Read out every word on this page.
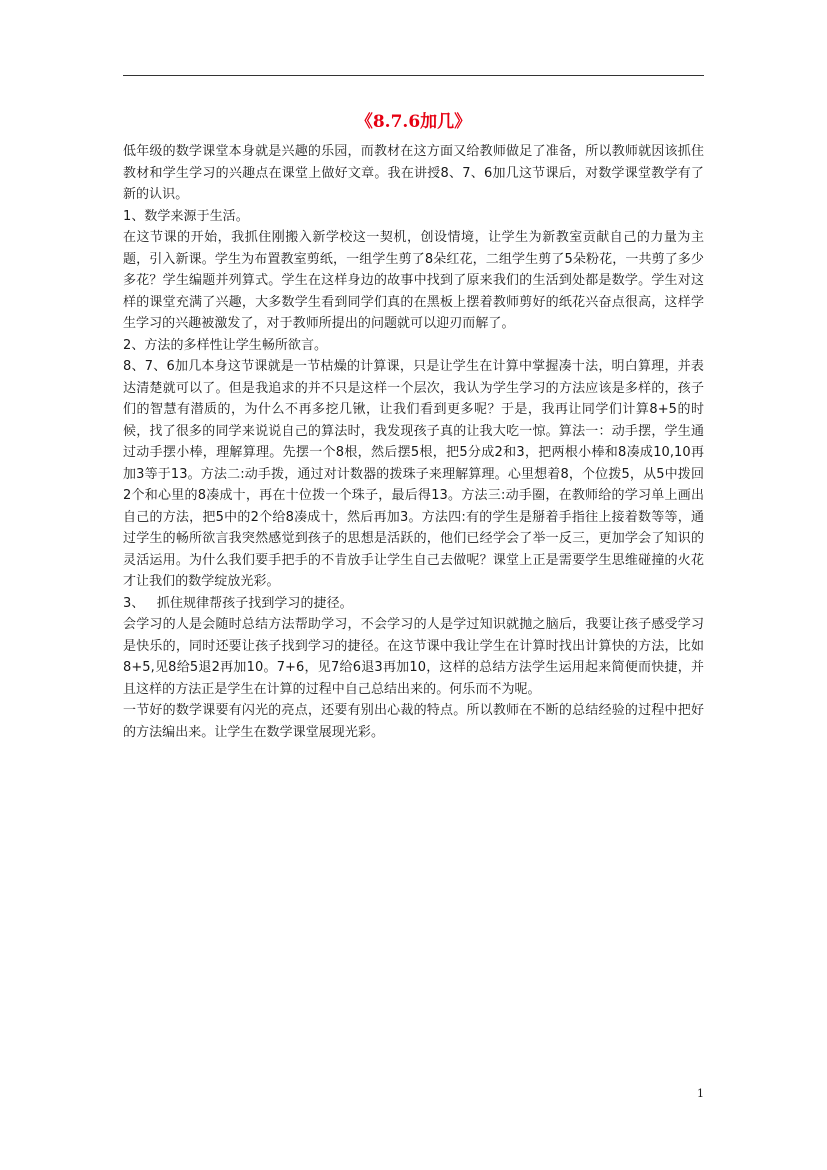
《8.7.6加几》

低年级的数学课堂本身就是兴趣的乐园，而教材在这方面又给教师做足了准备，所以教师就因该抓住教材和学生学习的兴趣点在课堂上做好文章。我在讲授8、7、6加几这节课后，对数学课堂教学有了新的认识。

1、数学来源于生活。

在这节课的开始，我抓住刚搬入新学校这一契机，创设情境，让学生为新教室贡献自己的力量为主题，引入新课。学生为布置教室剪纸，一组学生剪了8朵红花，二组学生剪了5朵粉花，一共剪了多少多花？学生编题并列算式。学生在这样身边的故事中找到了原来我们的生活到处都是数学。学生对这样的课堂充满了兴趣，大多数学生看到同学们真的在黑板上摆着教师剪好的纸花兴奋点很高，这样学生学习的兴趣被激发了，对于教师所提出的问题就可以迎刃而解了。

2、方法的多样性让学生畅所欲言。

8、7、6加几本身这节课就是一节枯燥的计算课，只是让学生在计算中掌握凑十法，明白算理，并表达清楚就可以了。但是我追求的并不只是这样一个层次，我认为学生学习的方法应该是多样的，孩子们的智慧有潜质的，为什么不再多挖几锹，让我们看到更多呢？于是，我再让同学们计算8+5的时候，找了很多的同学来说说自己的算法时，我发现孩子真的让我大吃一惊。算法一：动手摆，学生通过动手摆小棒，理解算理。先摆一个8根，然后摆5根，把5分成2和3，把两根小棒和8凑成10,10再加3等于13。方法二:动手拨，通过对计数器的拨珠子来理解算理。心里想着8，个位拨5，从5中拨回2个和心里的8凑成十，再在十位拨一个珠子，最后得13。方法三:动手圈，在教师给的学习单上画出自己的方法，把5中的2个给8凑成十，然后再加3。方法四:有的学生是掰着手指往上接着数等等，通过学生的畅所欲言我突然感觉到孩子的思想是活跃的，他们已经学会了举一反三，更加学会了知识的灵活运用。为什么我们要手把手的不肯放手让学生自己去做呢？课堂上正是需要学生思维碰撞的火花才让我们的数学绽放光彩。

3、   抓住规律帮孩子找到学习的捷径。

会学习的人是会随时总结方法帮助学习，不会学习的人是学过知识就抛之脑后，我要让孩子感受学习是快乐的，同时还要让孩子找到学习的捷径。在这节课中我让学生在计算时找出计算快的方法，比如8+5,见8给5退2再加10。7+6，见7给6退3再加10，这样的总结方法学生运用起来简便而快捷，并且这样的方法正是学生在计算的过程中自己总结出来的。何乐而不为呢。

一节好的数学课要有闪光的亮点，还要有别出心裁的特点。所以教师在不断的总结经验的过程中把好的方法编出来。让学生在数学课堂展现光彩。

1
